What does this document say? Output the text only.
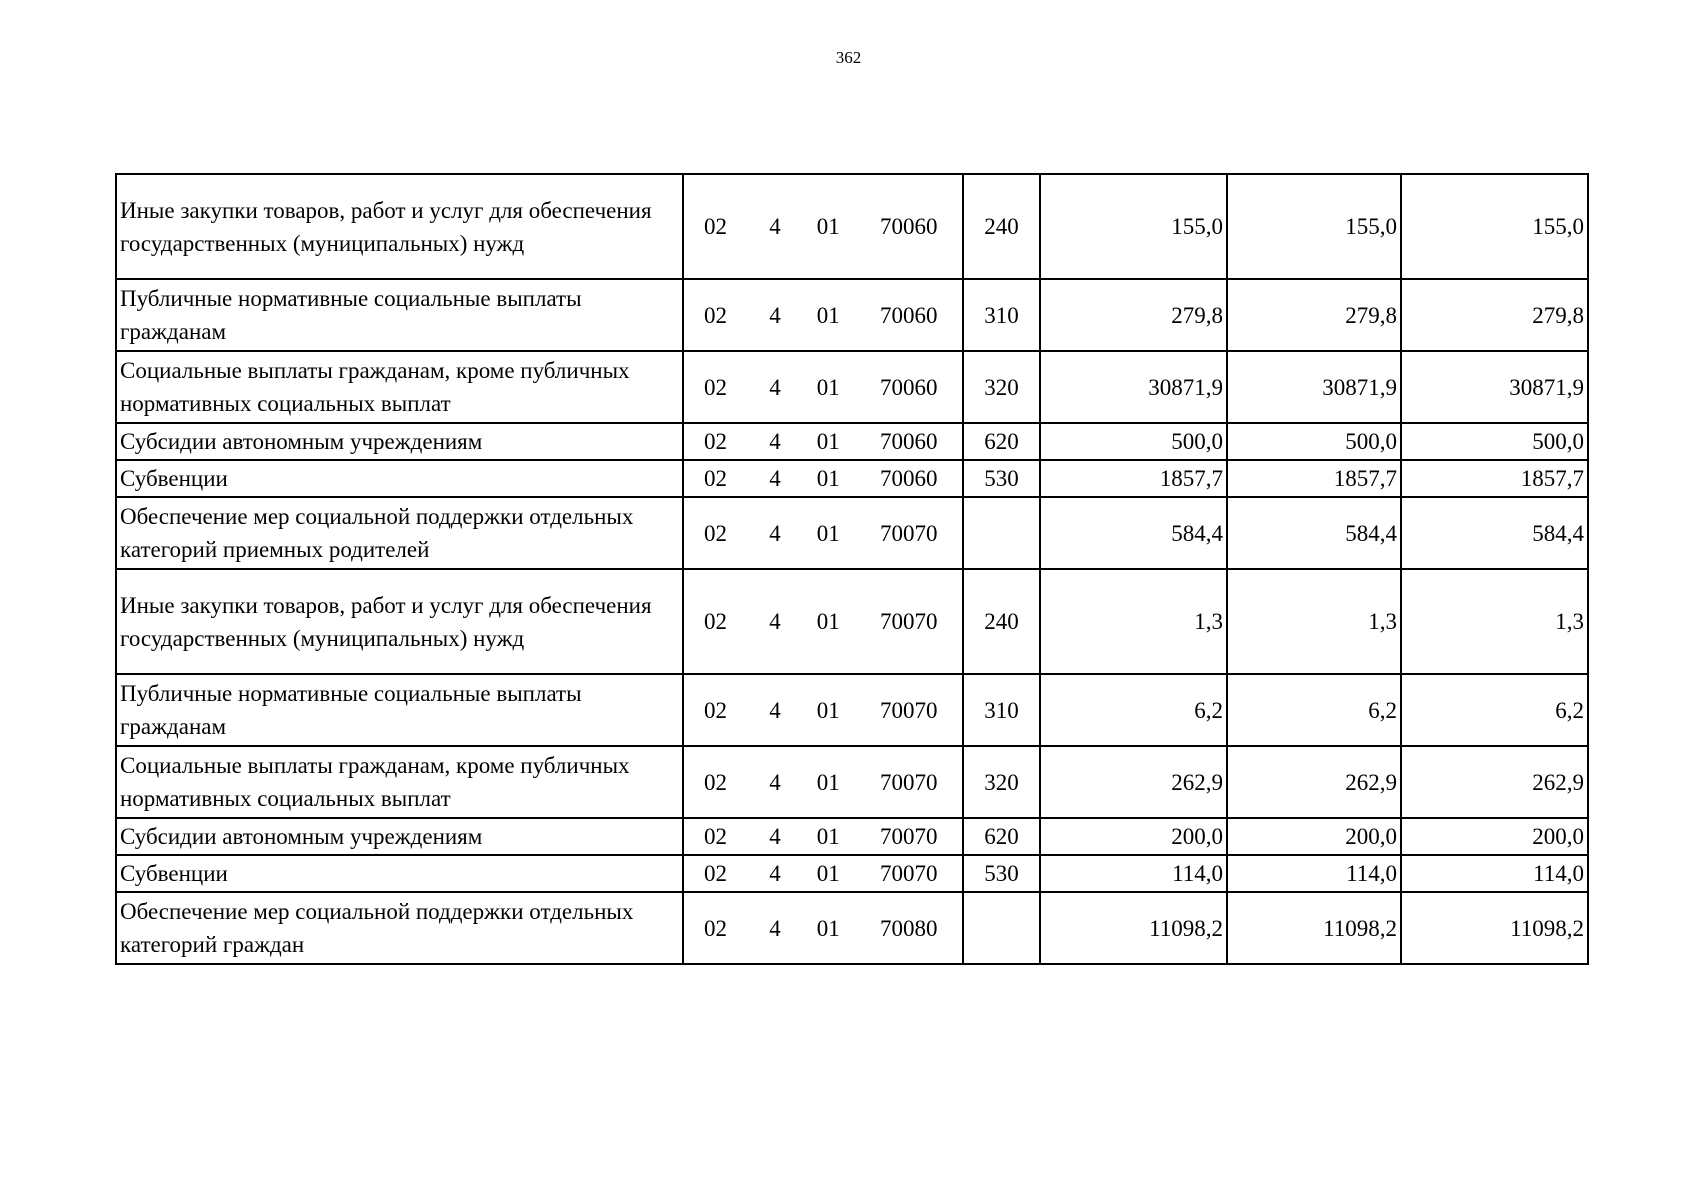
362
Иные закупки товаров, работ и услуг для обеспечения государственных (муниципальных) нужд	02 4 01 70060	240	155,0	155,0	155,0
Публичные нормативные социальные выплаты гражданам	02 4 01 70060	310	279,8	279,8	279,8
Социальные выплаты гражданам, кроме публичных нормативных социальных выплат	02 4 01 70060	320	30871,9	30871,9	30871,9
Субсидии автономным учреждениям	02 4 01 70060	620	500,0	500,0	500,0
Субвенции	02 4 01 70060	530	1857,7	1857,7	1857,7
Обеспечение мер социальной поддержки отдельных категорий приемных родителей	02 4 01 70070		584,4	584,4	584,4
Иные закупки товаров, работ и услуг для обеспечения государственных (муниципальных) нужд	02 4 01 70070	240	1,3	1,3	1,3
Публичные нормативные социальные выплаты гражданам	02 4 01 70070	310	6,2	6,2	6,2
Социальные выплаты гражданам, кроме публичных нормативных социальных выплат	02 4 01 70070	320	262,9	262,9	262,9
Субсидии автономным учреждениям	02 4 01 70070	620	200,0	200,0	200,0
Субвенции	02 4 01 70070	530	114,0	114,0	114,0
Обеспечение мер социальной поддержки отдельных категорий граждан	02 4 01 70080		11098,2	11098,2	11098,2
